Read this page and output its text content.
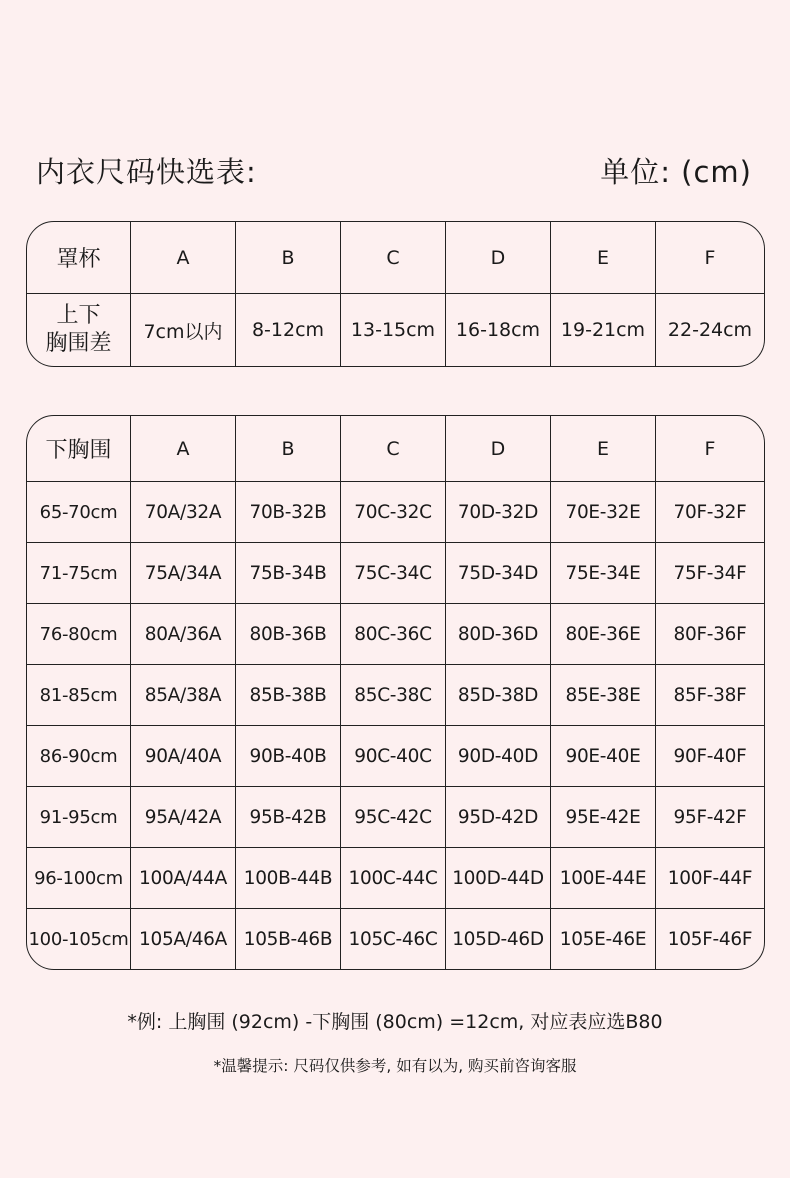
内衣尺码快选表:	单位: (cm)
罩杯	A	B	C	D	E	F

上下
胸围差	7cm以内	8-12cm	13-15cm	16-18cm	19-21cm	22-24cm
下胸围	A	B	C	D	E	F
65-70cm	70A/32A	70B-32B	70C-32C	70D-32D	70E-32E	70F-32F
71-75cm	75A/34A	75B-34B	75C-34C	75D-34D	75E-34E	75F-34F
76-80cm	80A/36A	80B-36B	80C-36C	80D-36D	80E-36E	80F-36F
81-85cm	85A/38A	85B-38B	85C-38C	85D-38D	85E-38E	85F-38F
86-90cm	90A/40A	90B-40B	90C-40C	90D-40D	90E-40E	90F-40F
91-95cm	95A/42A	95B-42B	95C-42C	95D-42D	95E-42E	95F-42F
96-100cm	100A/44A	100B-44B	100C-44C	100D-44D	100E-44E	100F-44F
100-105cm	105A/46A	105B-46B	105C-46C	105D-46D	105E-46E	105F-46F
*例: 上胸围 (92cm) -下胸围 (80cm) =12cm, 对应表应选B80
*温馨提示: 尺码仅供参考, 如有以为, 购买前咨询客服
